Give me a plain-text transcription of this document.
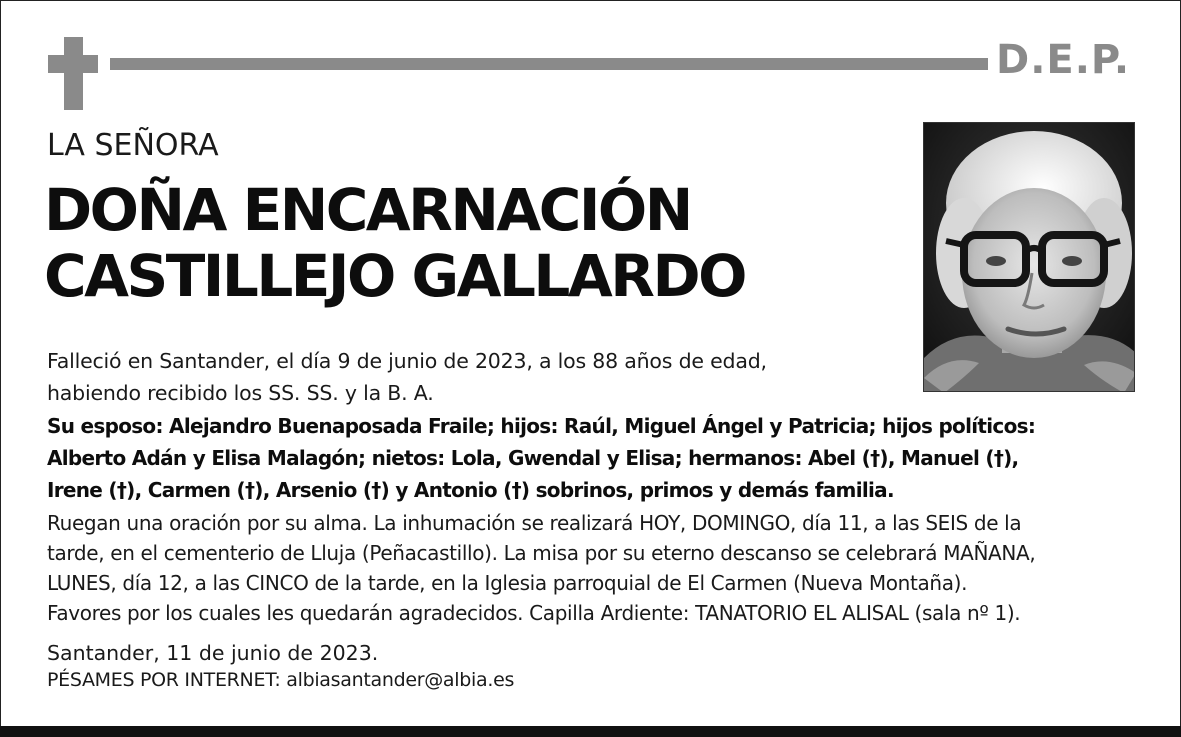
D.E.P.
LA SEÑORA
DOÑA ENCARNACIÓN
CASTILLEJO GALLARDO
Falleció en Santander, el día 9 de junio de 2023, a los 88 años de edad,
habiendo recibido los SS. SS. y la B. A.
Su esposo: Alejandro Buenaposada Fraile; hijos: Raúl, Miguel Ángel y Patricia; hijos políticos:
Alberto Adán y Elisa Malagón; nietos: Lola, Gwendal y Elisa; hermanos: Abel (†), Manuel (†),
Irene (†), Carmen (†), Arsenio (†) y Antonio (†) sobrinos, primos y demás familia.
Ruegan una oración por su alma. La inhumación se realizará HOY, DOMINGO, día 11, a las SEIS de la
tarde, en el cementerio de Lluja (Peñacastillo). La misa por su eterno descanso se celebrará MAÑANA,
LUNES, día 12, a las CINCO de la tarde, en la Iglesia parroquial de El Carmen (Nueva Montaña).
Favores por los cuales les quedarán agradecidos. Capilla Ardiente: TANATORIO EL ALISAL (sala nº 1).
Santander, 11 de junio de 2023.
PÉSAMES POR INTERNET: albiasantander@albia.es
